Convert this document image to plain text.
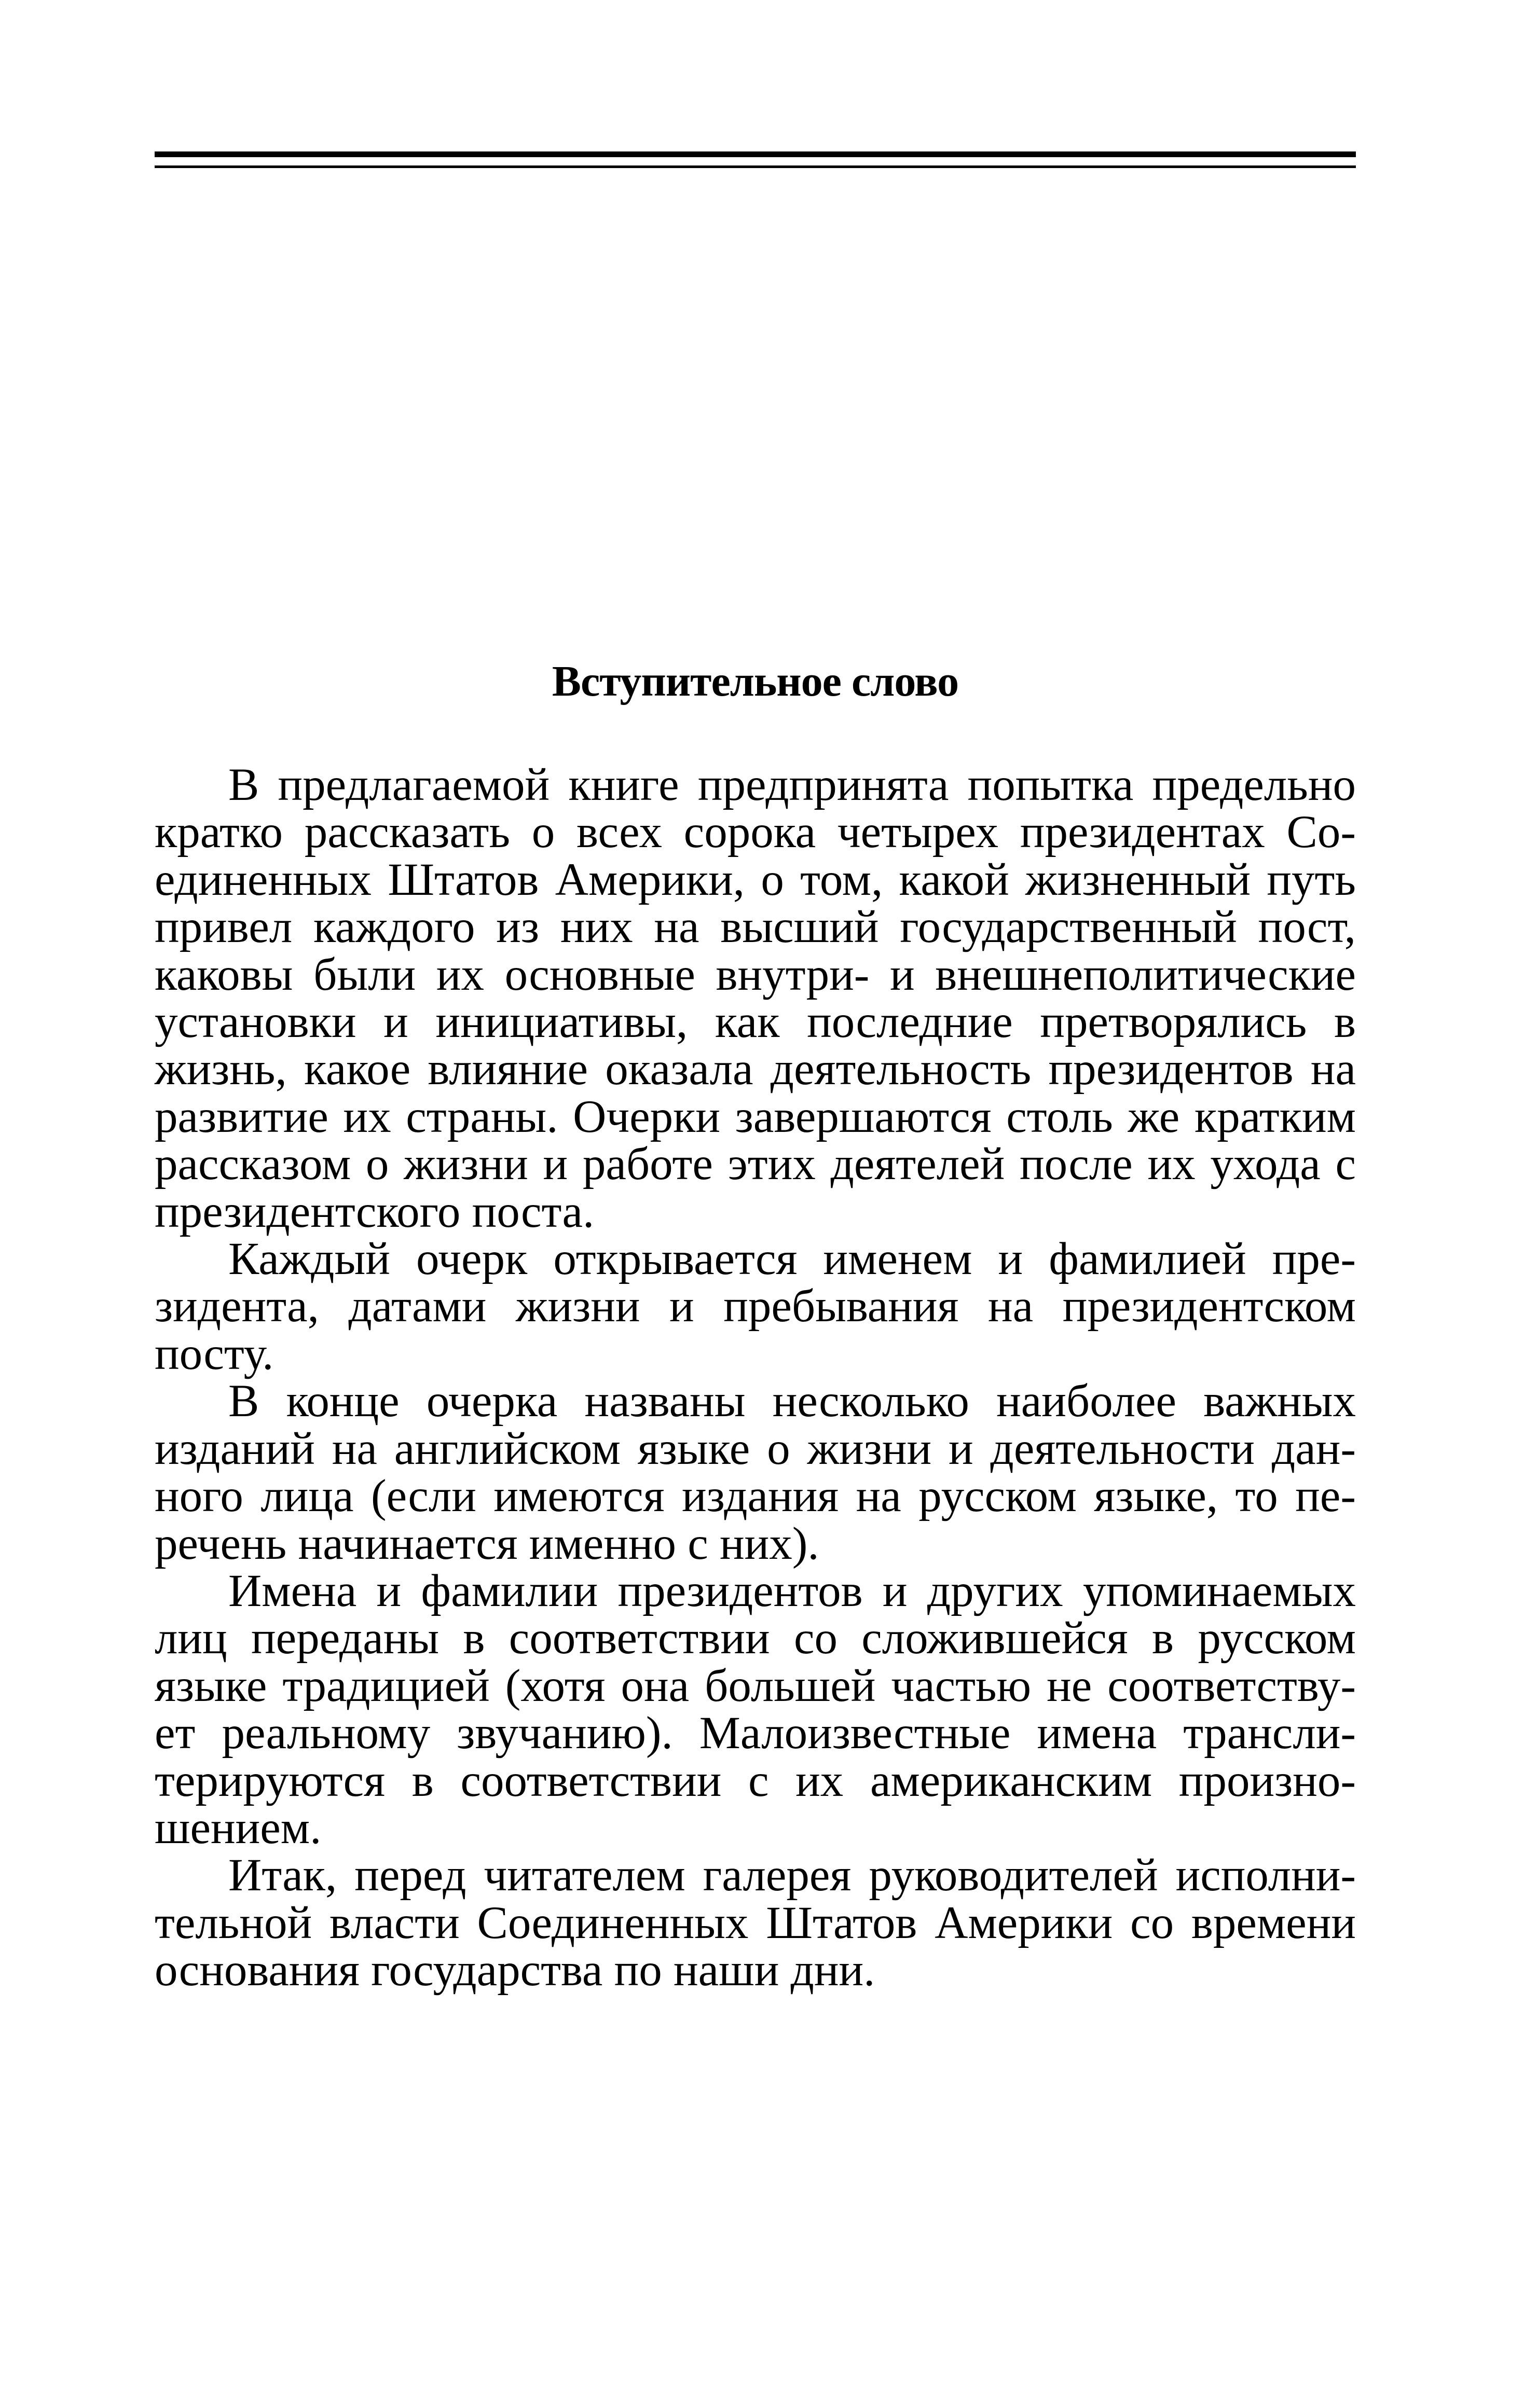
Вступительное слово

В предлагаемой книге предпринята попытка предельно
кратко рассказать о всех сорока четырех президентах Со-
единенных Штатов Америки, о том, какой жизненный путь
привел каждого из них на высший государственный пост,
каковы были их основные внутри- и внешнеполитические
установки и инициативы, как последние претворялись в
жизнь, какое влияние оказала деятельность президентов на
развитие их страны. Очерки завершаются столь же кратким
рассказом о жизни и работе этих деятелей после их ухода с
президентского поста.

Каждый очерк открывается именем и фамилией пре-
зидента, датами жизни и пребывания на президентском
посту.

В конце очерка названы несколько наиболее важных
изданий на английском языке о жизни и деятельности дан-
ного лица (если имеются издания на русском языке, то пе-
речень начинается именно с них).

Имена и фамилии президентов и других упоминаемых
лиц переданы в соответствии со сложившейся в русском
языке традицией (хотя она большей частью не соответству-
ет реальному звучанию). Малоизвестные имена трансли-
терируются в соответствии с их американским произно-
шением.

Итак, перед читателем галерея руководителей исполни-
тельной власти Соединенных Штатов Америки со времени
основания государства по наши дни.
